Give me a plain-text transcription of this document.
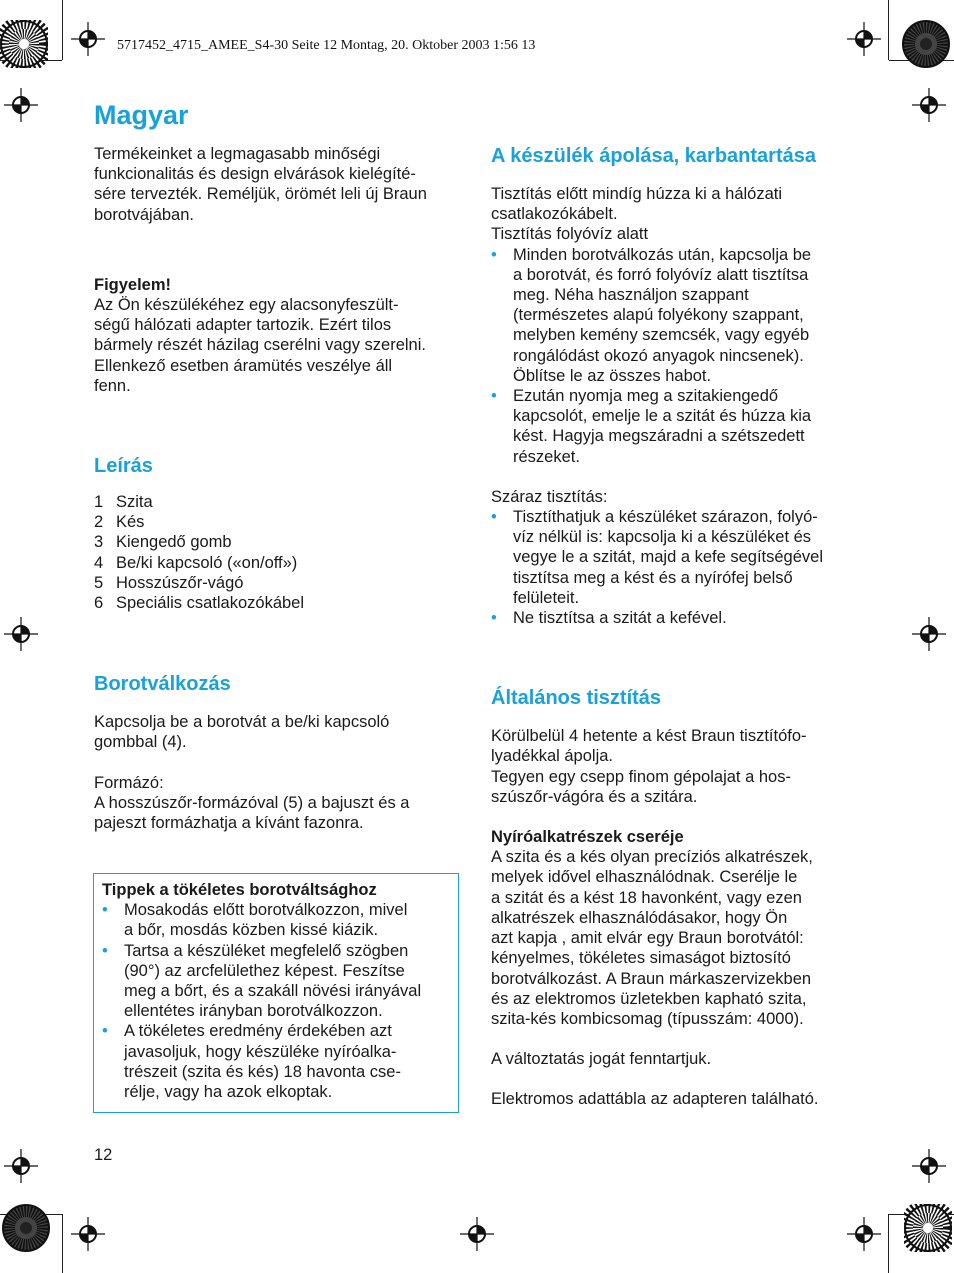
5717452_4715_AMEE_S4-30 Seite 12 Montag, 20. Oktober 2003 1:56 13
Magyar

Termékeinket a legmagasabb minőségi
funkcionalitás és design elvárások kielégíté-
sére tervezték. Reméljük, örömét leli új Braun
borotvájában.

Figyelem!

Az Ön készülékéhez egy alacsonyfeszült-
ségű hálózati adapter tartozik. Ezért tilos
bármely részét házilag cserélni vagy szerelni.
Ellenkező esetben áramütés veszélye áll
fenn.

Leírás
1 Szita
2 Kés
3 Kiengedő gomb
4 Be/ki kapcsoló («on/off»)
5 Hosszúszőr-vágó
6 Speciális csatlakozókábel
Borotválkozás

Kapcsolja be a borotvát a be/ki kapcsoló
gombbal (4).

Formázó:

A hosszúszőr-formázóval (5) a bajuszt és a
pajeszt formázhatja a kívánt fazonra.

Tippek a tökéletes borotváltsághoz
• Mosakodás előtt borotválkozzon, mivel
a bőr, mosdás közben kissé kiázik.
• Tartsa a készüléket megfelelő szögben
(90°) az arcfelülethez képest. Feszítse
meg a bőrt, és a szakáll növési irányával
ellentétes irányban borotválkozzon.
• A tökéletes eredmény érdekében azt
javasoljuk, hogy készüléke nyíróalka-
trészeit (szita és kés) 18 havonta cse-
rélje, vagy ha azok elkoptak.
12
A készülék ápolása, karbantartása

Tisztítás előtt mindíg húzza ki a hálózati
csatlakozókábelt.
Tisztítás folyóvíz alatt

• Minden borotválkozás után, kapcsolja be
a borotvát, és forró folyóvíz alatt tisztítsa
meg. Néha használjon szappant
(természetes alapú folyékony szappant,
melyben kemény szemcsék, vagy egyéb
rongálódást okozó anyagok nincsenek).
Öblítse le az összes habot.
• Ezután nyomja meg a szitakiengedő
kapcsolót, emelje le a szitát és húzza kia
kést. Hagyja megszáradni a szétszedett
részeket.

Száraz tisztítás:

• Tisztíthatjuk a készüléket szárazon, folyó-
víz nélkül is: kapcsolja ki a készüléket és
vegye le a szitát, majd a kefe segítségével
tisztítsa meg a kést és a nyírófej belső
felületeit.
• Ne tisztítsa a szitát a kefével.
Általános tisztítás

Körülbelül 4 hetente a kést Braun tisztítófo-
lyadékkal ápolja.
Tegyen egy csepp finom gépolajat a hos-
szúszőr-vágóra és a szitára.

Nyíróalkatrészek cseréje

A szita és a kés olyan precíziós alkatrészek,
melyek idővel elhasználódnak. Cserélje le
a szitát és a kést 18 havonként, vagy ezen
alkatrészek elhasználódásakor, hogy Ön
azt kapja , amit elvár egy Braun borotvától:
kényelmes, tökéletes simaságot biztosító
borotválkozást. A Braun márkaszervizekben
és az elektromos üzletekben kapható szita,
szita-kés kombicsomag (típusszám: 4000).

A változtatás jogát fenntartjuk.

Elektromos adattábla az adapteren található.
